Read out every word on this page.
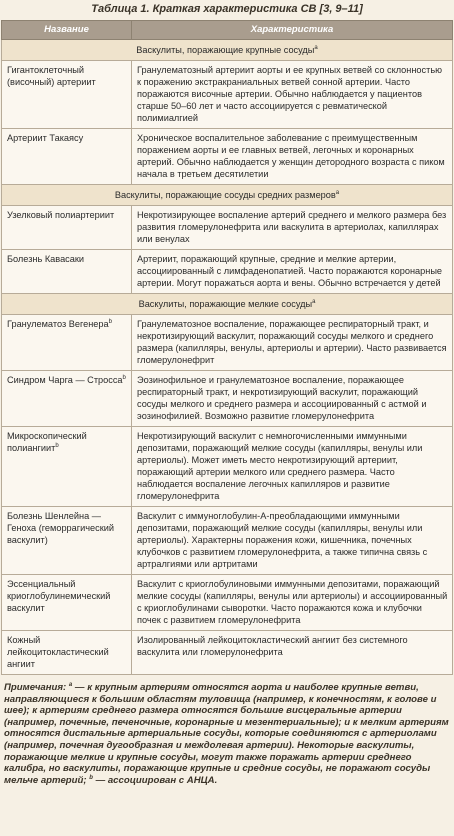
Таблица 1. Краткая характеристика СВ [3, 9–11]
Название	Характеристика
Васкулиты, поражающие крупные сосуды$^a$
Гигантоклеточный (височный) артериит	Гранулематозный артериит аорты и ее крупных ветвей со склонностью к поражению экстракраниальных ветвей сонной артерии. Часто поражаются височные артерии. Обычно наблюдается у пациентов старше 50–60 лет и часто ассоциируется с ревматической полимиалгией
Артериит Такаясу	Хроническое воспалительное заболевание с преимущественным поражением аорты и ее главных ветвей, легочных и коронарных артерий. Обычно наблюдается у женщин детородного возраста с пиком начала в третьем десятилетии
Васкулиты, поражающие сосуды средних размеров$^a$
Узелковый полиартериит	Некротизирующее воспаление артерий среднего и мелкого размера без развития гломерулонефрита или васкулита в артериолах, капиллярах или венулах
Болезнь Кавасаки	Артериит, поражающий крупные, средние и мелкие артерии, ассоциированный с лимфаденопатией. Часто поражаются коронарные артерии. Могут поражаться аорта и вены. Обычно встречается у детей
Васкулиты, поражающие мелкие сосуды$^a$
Гранулематоз Вегенера$^b$	Гранулематозное воспаление, поражающее респираторный тракт, и некротизирующий васкулит, поражающий сосуды мелкого и среднего размера (капилляры, венулы, артериолы и артерии). Часто развивается гломерулонефрит
Синдром Чарга — Стросса$^b$	Эозинофильное и гранулематозное воспаление, поражающее респираторный тракт, и некротизирующий васкулит, поражающий сосуды мелкого и среднего размера и ассоциированный с астмой и эозинофилией. Возможно развитие гломерулонефрита
Микроскопический полиангиит$^b$	Некротизирующий васкулит с немногочисленными иммунными депозитами, поражающий мелкие сосуды (капилляры, венулы или артериолы). Может иметь место некротизирующий артериит, поражающий артерии мелкого или среднего размера. Часто наблюдается воспаление легочных капилляров и развитие гломерулонефрита
Болезнь Шенлейна — Геноха (геморрагический васкулит)	Васкулит с иммуноглобулин-А-преобладающими иммунными депозитами, поражающий мелкие сосуды (капилляры, венулы или артериолы). Характерны поражения кожи, кишечника, почечных клубочков с развитием гломерулонефрита, а также типична связь с артралгиями или артритами
Эссенциальный криоглобулинемический васкулит	Васкулит с криоглобулиновыми иммунными депозитами, поражающий мелкие сосуды (капилляры, венулы или артериолы) и ассоциированный с криоглобулинами сыворотки. Часто поражаются кожа и клубочки почек с развитием гломерулонефрита
Кожный лейкоцитокластический ангиит	Изолированный лейкоцитокластический ангиит без системного васкулита или гломерулонефрита
Примечания: $^a$ — к крупным артериям относятся аорта и наиболее крупные ветви, направляющиеся к большим областям туловища (например, к конечностям, к голове и шее); к артериям среднего размера относятся большие висцеральные артерии (например, почечные, печеночные, коронарные и мезентериальные); и к мелким артериям относятся дистальные артериальные сосуды, которые соединяются с артериолами (например, почечная дугообразная и междолевая артерии). Некоторые васкулиты, поражающие мелкие и крупные сосуды, могут также поражать артерии среднего калибра, но васкулиты, поражающие крупные и средние сосуды, не поражают сосуды мельче артерий; $^b$ — ассоциирован с АНЦА.
